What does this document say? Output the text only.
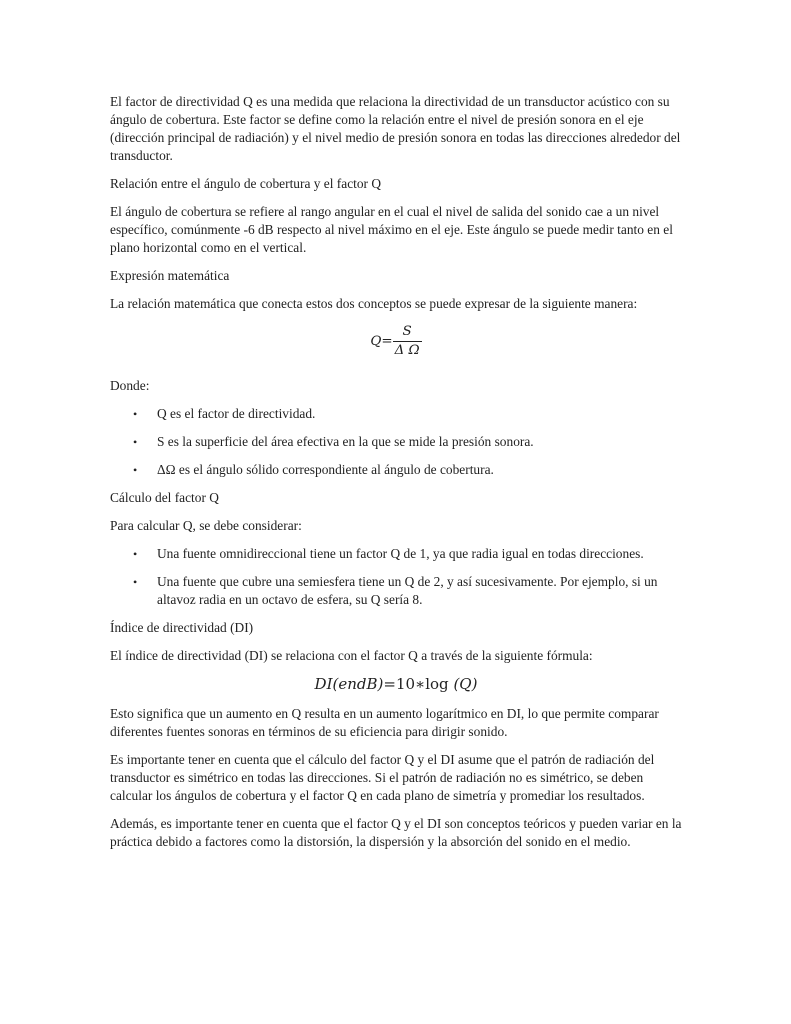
El factor de directividad Q es una medida que relaciona la directividad de un transductor acústico con su ángulo de cobertura. Este factor se define como la relación entre el nivel de presión sonora en el eje (dirección principal de radiación) y el nivel medio de presión sonora en todas las direcciones alrededor del transductor.

Relación entre el ángulo de cobertura y el factor Q

El ángulo de cobertura se refiere al rango angular en el cual el nivel de salida del sonido cae a un nivel específico, comúnmente -6 dB respecto al nivel máximo en el eje. Este ángulo se puede medir tanto en el plano horizontal como en el vertical.

Expresión matemática

La relación matemática que conecta estos dos conceptos se puede expresar de la siguiente manera:

$Q= \frac{S}{\text{Δ Ω}}$

Donde:

• Q es el factor de directividad.
• S es la superficie del área efectiva en la que se mide la presión sonora.
• ΔΩ es el ángulo sólido correspondiente al ángulo de cobertura.

Cálculo del factor Q

Para calcular Q, se debe considerar:

• Una fuente omnidireccional tiene un factor Q de 1, ya que radia igual en todas direcciones.
• Una fuente que cubre una semiesfera tiene un Q de 2, y así sucesivamente. Por ejemplo, si un altavoz radia en un octavo de esfera, su Q sería 8.

Índice de directividad (DI)

El índice de directividad (DI) se relaciona con el factor Q a través de la siguiente fórmula:

DI(endB)=10∗log (Q)

Esto significa que un aumento en Q resulta en un aumento logarítmico en DI, lo que permite comparar diferentes fuentes sonoras en términos de su eficiencia para dirigir sonido.

Es importante tener en cuenta que el cálculo del factor Q y el DI asume que el patrón de radiación del transductor es simétrico en todas las direcciones. Si el patrón de radiación no es simétrico, se deben calcular los ángulos de cobertura y el factor Q en cada plano de simetría y promediar los resultados.

Además, es importante tener en cuenta que el factor Q y el DI son conceptos teóricos y pueden variar en la práctica debido a factores como la distorsión, la dispersión y la absorción del sonido en el medio.
